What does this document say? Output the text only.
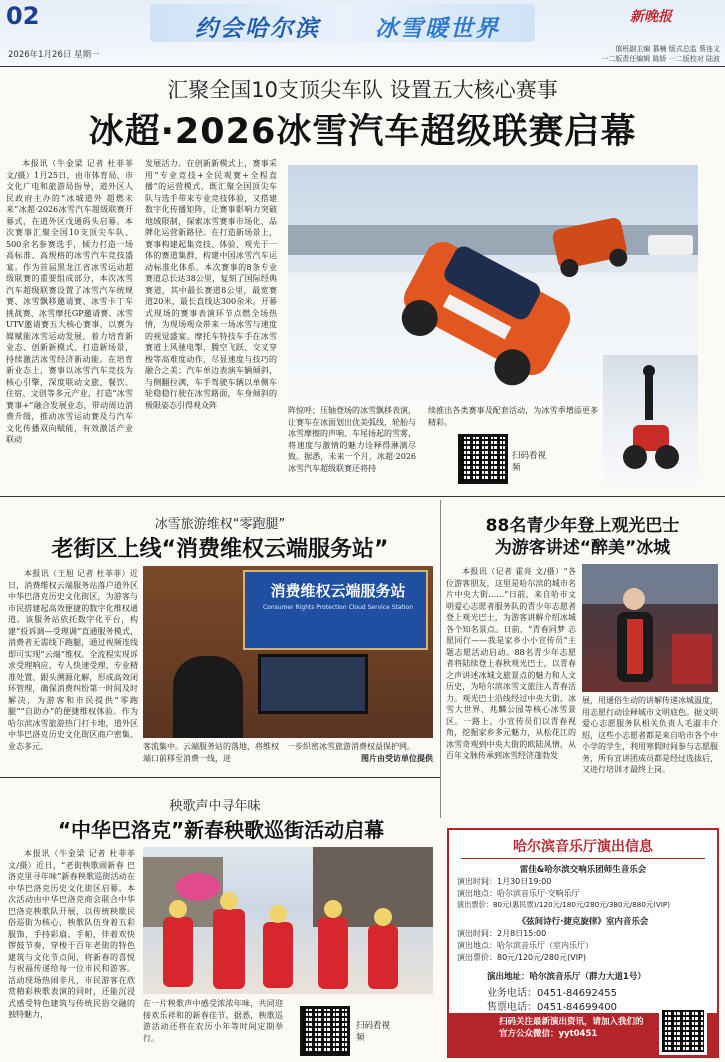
02	约会哈尔滨 冰雪暖世界	新晚报
2026年1月26日 星期一
值班副主编 慕楠 版式总监 蔡连义
一二版责任编辑 陈娇 一二版校对 陆波
汇聚全国10支顶尖车队 设置五大核心赛事
冰超·2026冰雪汽车超级联赛启幕

本报讯（牛金梁 记者 杜菲菲 文/摄）1月25日，由市体育局、市文化广电和旅游局指导，道外区人民政府主办的“冰城道外 超燃未来”冰超·2026冰雪汽车超级联赛开幕式，在道外区戊通码头启幕。本次赛事汇聚全国10支顶尖车队、500余名参赛选手，倾力打造一场高标准、高规格的冰雪汽车竞技盛宴。作为首届黑龙江省冰雪运动超级联赛的重要组成部分，本次冰雪汽车超级联赛设置了冰雪汽车统规赛、冰雪飘移邀请赛、冰雪卡丁车挑战赛、冰雪摩托GP邀请赛、冰雪UTV邀请赛五大核心赛事，以赛为媒赋能冰雪运动发展，着力培育新业态、创新新模式、打造新场景，持续激活冰雪经济新动能。在培育新业态上，赛事以冰雪汽车竞技为核心引擎，深度联动文旅、餐饮、住宿、文创等多元产业，打造“冰雪赛事+”融合发展业态，带动周边消费升级，推动冰雪运动赛及与汽车文化传播双向赋能，有效激活产业联动

发展活力。在创新新模式上，赛事采用“专业竞技+全民观赛+全程直播”的运营模式，既汇聚全国顶尖车队与选手带来专业竞技体验，又搭建数字化传播矩阵，让赛事影响力突破地域限制，探索冰雪赛事市场化、品牌化运营新路径。在打造新场景上，赛事构建起集竞技、体验、观光于一体的赛道集群，构建中国冰雪汽车运动标准化体系。本次赛事的8条专业赛道总长达38公里，复刻了国际经典赛道，其中最长赛道8公里，最宽赛道20米，最长直线达300余米。开幕式现场的赛事表演环节点燃全场热情，为现场观众带来一场冰雪与速度的视觉盛宴。摩托车特技车手在冰雪赛道上风驰电掣，腾空飞跃、交叉穿梭等高难度动作，尽显速度与技巧的融合之美；汽车单边表演车辆倾斜，与侧翻拉满，车手驾驶车辆以单侧车轮稳稳行驶在冰雪路面，车身倾斜的极限姿态引得观众阵

阵惊呼；压轴登场的冰雪飘移表演，让赛车在冰面划出优美弧线，轮胎与冰雪摩擦的声响、车尾扬起的雪雾，将速度与激情的魅力诠释得淋漓尽致。据悉，未来一个月，冰超·2026冰雪汽车超级联赛还将持

续推出各类赛事及配套活动，为冰雪季增添更多精彩。

扫码看视频
冰雪旅游维权“零跑腿”
老街区上线“消费维权云端服务站”

本报讯（王旭 记者 杜菲菲）近日，消费维权云端服务站落户道外区中华巴洛克历史文化街区，为游客与市民搭建起高效便捷的数字化维权通道。该服务站依托数字化平台，构建“投诉调—受理调”直通服务模式，消费者无需线下跑腿，通过视频连线即可实现“云端”维权。全流程实现诉求受理响应、专人快速受理、专业精准处置、跟头溯源化解，形成高效闭环管理，确保消费纠纷第一时间及时解决，为游客和市民提供“零跑腿”“自助办”的便捷维权体验。作为哈尔滨冰雪旅游热门打卡地，道外区中华巴洛克历史文化街区商户密集、业态多元、

消费维权云端服务站
Consumer Rights Protection Cloud Service Station

客流集中。云端服务站的落地，将维权端口前移至消费一线，进

一步织密冰雪旅游消费权益保护网。

图片由受访单位提供
88名青少年登上观光巴士
为游客讲述“醉美”冰城

本报讯（记者 霍亮 文/摄）“各位游客朋友，这里是哈尔滨的城市名片中央大街……”日前，来自哈市文明爱心志愿者服务队的青少年志愿者登上观光巴士，为游客讲解介绍冰城各个知名景点。日前，“青春同梦 志愿同行——我是家乡小小宣传员”主题志愿活动启动。88名青少年志愿者将陆续登上春秋观光巴士，以青春之声讲述冰城文旅景点的魅力和人文历史，为哈尔滨冰雪文旅注入青春活力。观光巴士沿线经过中央大街、冰雪大世界、兆麟公园等核心冰雪景区。一路上，小宣传员们以青春视角，挖掘家乡多元魅力，从松花江的冰雪奇观到中央大街的欧陆风情，从百年文脉传承到冰雪经济蓬勃发

展，用通俗生动的讲解传递冰城温度，用志愿行动诠释城市文明底色。据文明爱心志愿服务队相关负责人毛淑丰介绍，这些小志愿者都是来自哈市各个中小学的学生，利用寒假时间参与志愿服务，所有宣讲团成员都是经过选拔后，又进行培训才最终上岗。

秧歌声中寻年味
“中华巴洛克”新春秧歌巡街活动启幕

本报讯（牛金梁 记者 杜菲菲 文/摄）近日，“老街秧歌闹新春 巴洛克里寻年味”新春秧歌巡街活动在中华巴洛克历史文化街区启幕。本次活动由中华巴洛克商会联合中华巴洛克秧歌队开展，以传统秧歌民俗巡街为核心，秧歌队伍身着五彩服饰，手持彩扇、手帕，伴着欢快锣鼓节奏，穿梭于百年老街的特色建筑与文化节点间，将新春的喜悦与祝福传递给每一位市民和游客。活动现场热闹非凡，市民游客在欣赏精彩秧歌表演的同时，还能沉浸式感受特色建筑与传统民俗交融的独特魅力，

在一片秧歌声中感受浓浓年味，共同迎接欢乐祥和的新春佳节。据悉，秧歌巡游活动还将在农历小年等时间定期举行。

扫码看视频
哈尔滨音乐厅演出信息
雷佳&哈尔滨交响乐团师生音乐会
演出时间：1月30日19:00
演出地点：哈尔滨音乐厅·交响乐厅
演出票价：80元(惠民票)/120元/180元/280元/380元/880元(VIP)
《弦间诗行·捷克旋律》室内音乐会
演出时间：2月8日15:00
演出地点：哈尔滨音乐厅（室内乐厅）
演出票价：80元/120元/280元(VIP)
演出地址：哈尔滨音乐厅（群力大道1号）
业务电话：0451-84692455
售票电话：0451-84699400
扫码关注最新演出资讯，请加入我们的官方公众微信：yyt0451
